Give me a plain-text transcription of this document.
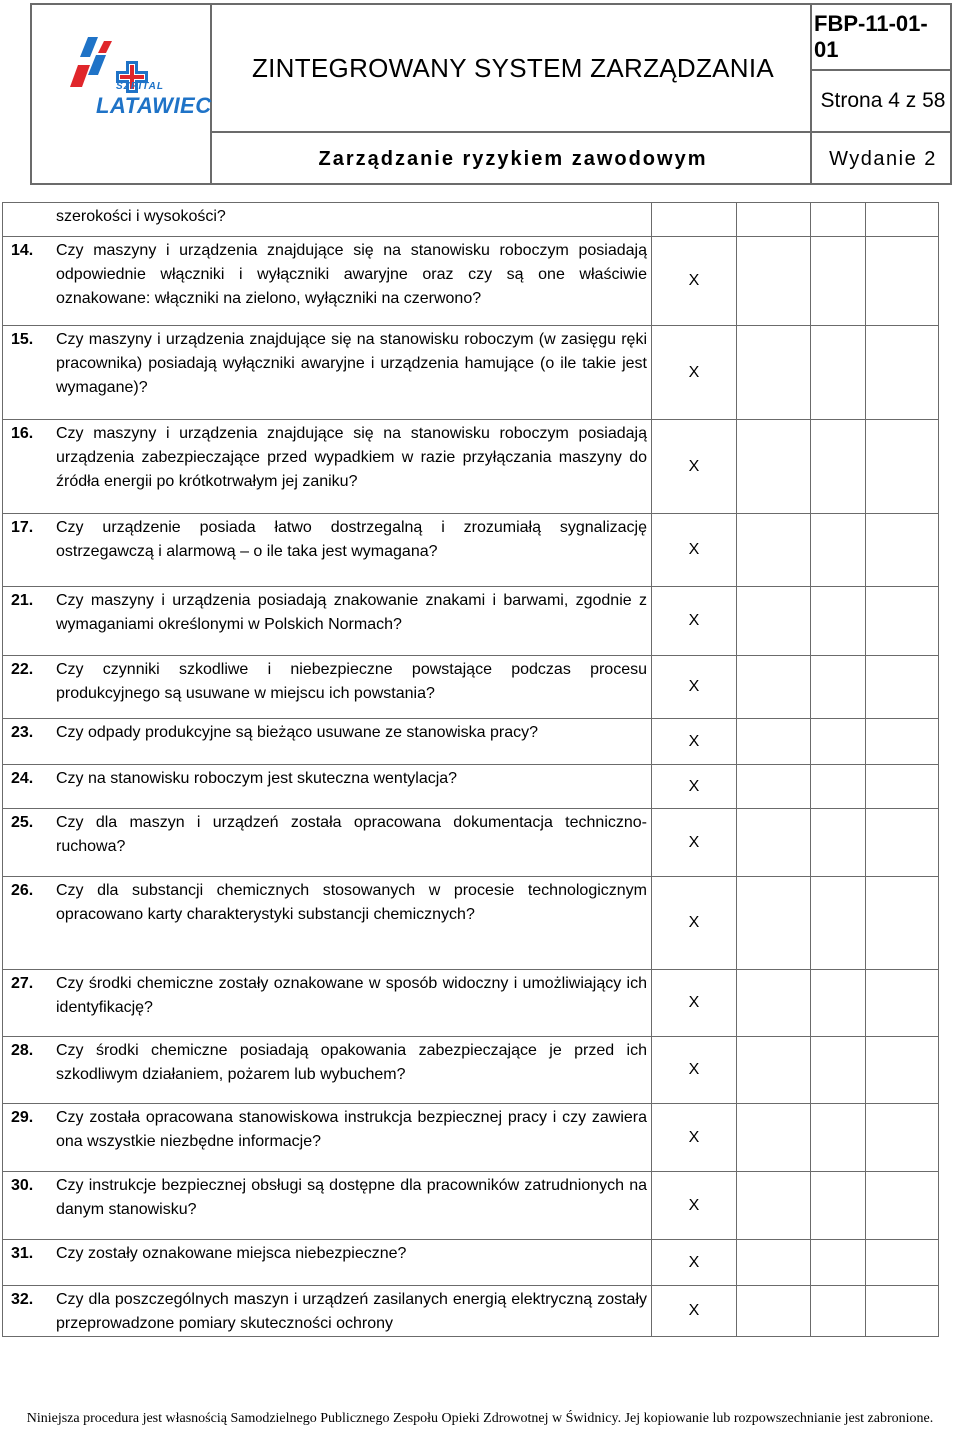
SZPITAL
LATAWIEC
ZINTEGROWANY SYSTEM ZARZĄDZANIA
FBP-11-01-01
Strona 4 z 58
Zarządzanie ryzykiem zawodowym	Wydanie 2
szerokości i wysokości?				

14. Czy maszyny i urządzenia znajdujące się na stanowisku roboczym posiadają odpowiednie włączniki i wyłączniki awaryjne oraz czy są one właściwie oznakowane: włączniki na zielono, wyłączniki na czerwono?	X			

15. Czy maszyny i urządzenia znajdujące się na stanowisku roboczym (w zasięgu ręki pracownika) posiadają wyłączniki awaryjne i urządzenia hamujące (o ile takie jest wymagane)?	X			

16. Czy maszyny i urządzenia znajdujące się na stanowisku roboczym posiadają urządzenia zabezpieczające przed wypadkiem w razie przyłączania maszyny do źródła energii po krótkotrwałym jej zaniku?	X			

17. Czy urządzenie posiada łatwo dostrzegalną i zrozumiałą sygnalizację ostrzegawczą i alarmową – o ile taka jest wymagana?	X			

21. Czy maszyny i urządzenia posiadają znakowanie znakami i barwami, zgodnie z wymaganiami określonymi w Polskich Normach?	X			

22. Czy czynniki szkodliwe i niebezpieczne powstające podczas procesu produkcyjnego są usuwane w miejscu ich powstania?	X			

23. Czy odpady produkcyjne są bieżąco usuwane ze stanowiska pracy?	X			

24. Czy na stanowisku roboczym jest skuteczna wentylacja?	X			

25. Czy dla maszyn i urządzeń została opracowana dokumentacja techniczno-ruchowa?	X			

26. Czy dla substancji chemicznych stosowanych w procesie technologicznym opracowano karty charakterystyki substancji chemicznych?	X			

27. Czy środki chemiczne zostały oznakowane w sposób widoczny i umożliwiający ich identyfikację?	X			

28. Czy środki chemiczne posiadają opakowania zabezpieczające je przed ich szkodliwym działaniem, pożarem lub wybuchem?	X			

29. Czy została opracowana stanowiskowa instrukcja bezpiecznej pracy i czy zawiera ona wszystkie niezbędne informacje?	X			

30. Czy instrukcje bezpiecznej obsługi są dostępne dla pracowników zatrudnionych na danym stanowisku?	X			

31. Czy zostały oznakowane miejsca niebezpieczne?	X			

32. Czy dla poszczególnych maszyn i urządzeń zasilanych energią elektryczną zostały przeprowadzone pomiary skuteczności ochrony	X			
Niniejsza procedura jest własnością Samodzielnego Publicznego Zespołu Opieki Zdrowotnej w Świdnicy. Jej kopiowanie lub rozpowszechnianie jest zabronione.
